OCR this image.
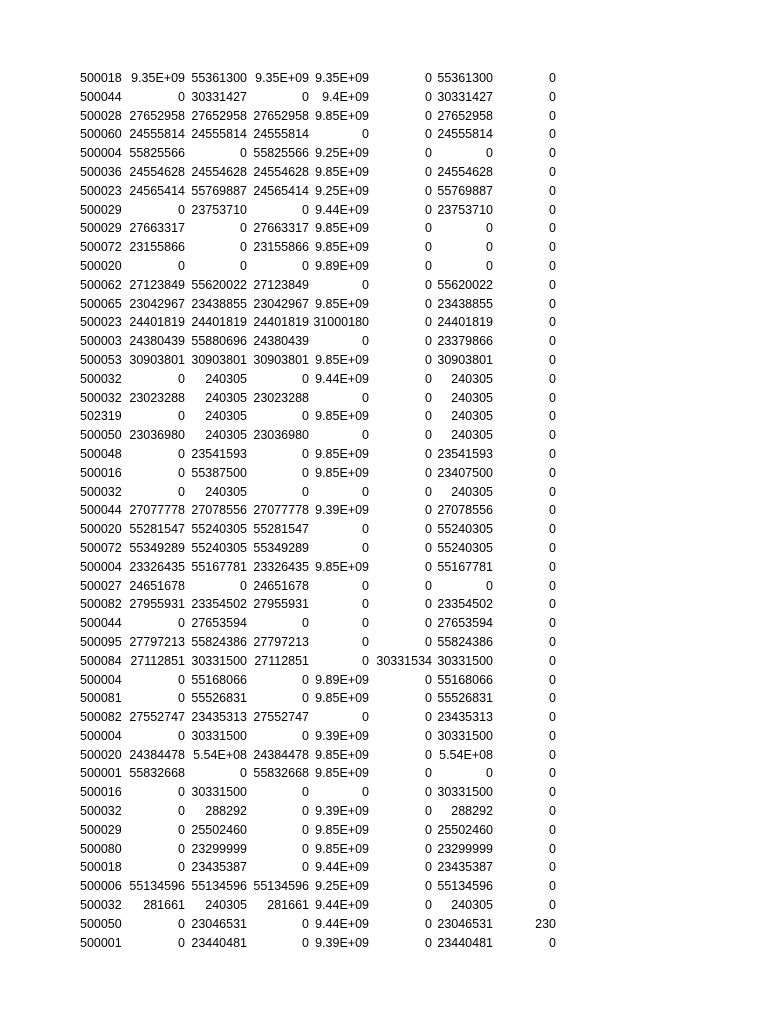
500018 9.35E+09 55361300 9.35E+09 9.35E+09	0 55361300	0
500044	0 30331427	0	9.4E+09	0 30331427	0
500028 27652958 27652958 27652958 9.85E+09	0 27652958	0
500060 24555814 24555814 24555814	0	0 24555814	0
500004 55825566	0 55825566 9.25E+09	0	0	0
500036 24554628 24554628 24554628 9.85E+09	0 24554628	0
500023 24565414 55769887 24565414 9.25E+09	0 55769887	0
500029	0 23753710	0 9.44E+09	0 23753710	0
500029 27663317	0 27663317 9.85E+09	0	0	0
500072 23155866	0 23155866 9.85E+09	0	0	0
500020	0	0	0 9.89E+09	0	0	0
500062 27123849 55620022 27123849	0	0 55620022	0
500065 23042967 23438855 23042967 9.85E+09	0 23438855	0
500023 24401819 24401819 24401819 31000180	0 24401819	0
500003 24380439 55880696 24380439	0	0 23379866	0
500053 30903801 30903801 30903801 9.85E+09	0 30903801	0
500032	0	240305	0 9.44E+09	0	240305	0
500032 23023288	240305 23023288	0	0	240305	0
502319	0	240305	0 9.85E+09	0	240305	0
500050 23036980	240305 23036980	0	0	240305	0
500048	0 23541593	0 9.85E+09	0 23541593	0
500016	0 55387500	0 9.85E+09	0 23407500	0
500032	0	240305	0	0	0	240305	0
500044 27077778 27078556 27077778 9.39E+09	0 27078556	0
500020 55281547 55240305 55281547	0	0 55240305	0
500072 55349289 55240305 55349289	0	0 55240305	0
500004 23326435 55167781 23326435 9.85E+09	0 55167781	0
500027 24651678	0 24651678	0	0	0	0
500082 27955931 23354502 27955931	0	0 23354502	0
500044	0 27653594	0	0	0 27653594	0
500095 27797213 55824386 27797213	0	0 55824386	0
500084 27112851 30331500 27112851	0 30331534 30331500	0
500004	0 55168066	0 9.89E+09	0 55168066	0
500081	0 55526831	0 9.85E+09	0 55526831	0
500082 27552747 23435313 27552747	0	0 23435313	0
500004	0 30331500	0 9.39E+09	0 30331500	0
500020 24384478 5.54E+08 24384478 9.85E+09	0 5.54E+08	0
500001 55832668	0 55832668 9.85E+09	0	0	0
500016	0 30331500	0	0	0 30331500	0
500032	0	288292	0 9.39E+09	0	288292	0
500029	0 25502460	0 9.85E+09	0 25502460	0
500080	0 23299999	0 9.85E+09	0 23299999	0
500018	0 23435387	0 9.44E+09	0 23435387	0
500006 55134596 55134596 55134596 9.25E+09	0 55134596	0
500032	281661	240305	281661 9.44E+09	0	240305	0
500050	0 23046531	0 9.44E+09	0 23046531	230
500001	0 23440481	0 9.39E+09	0 23440481	0
